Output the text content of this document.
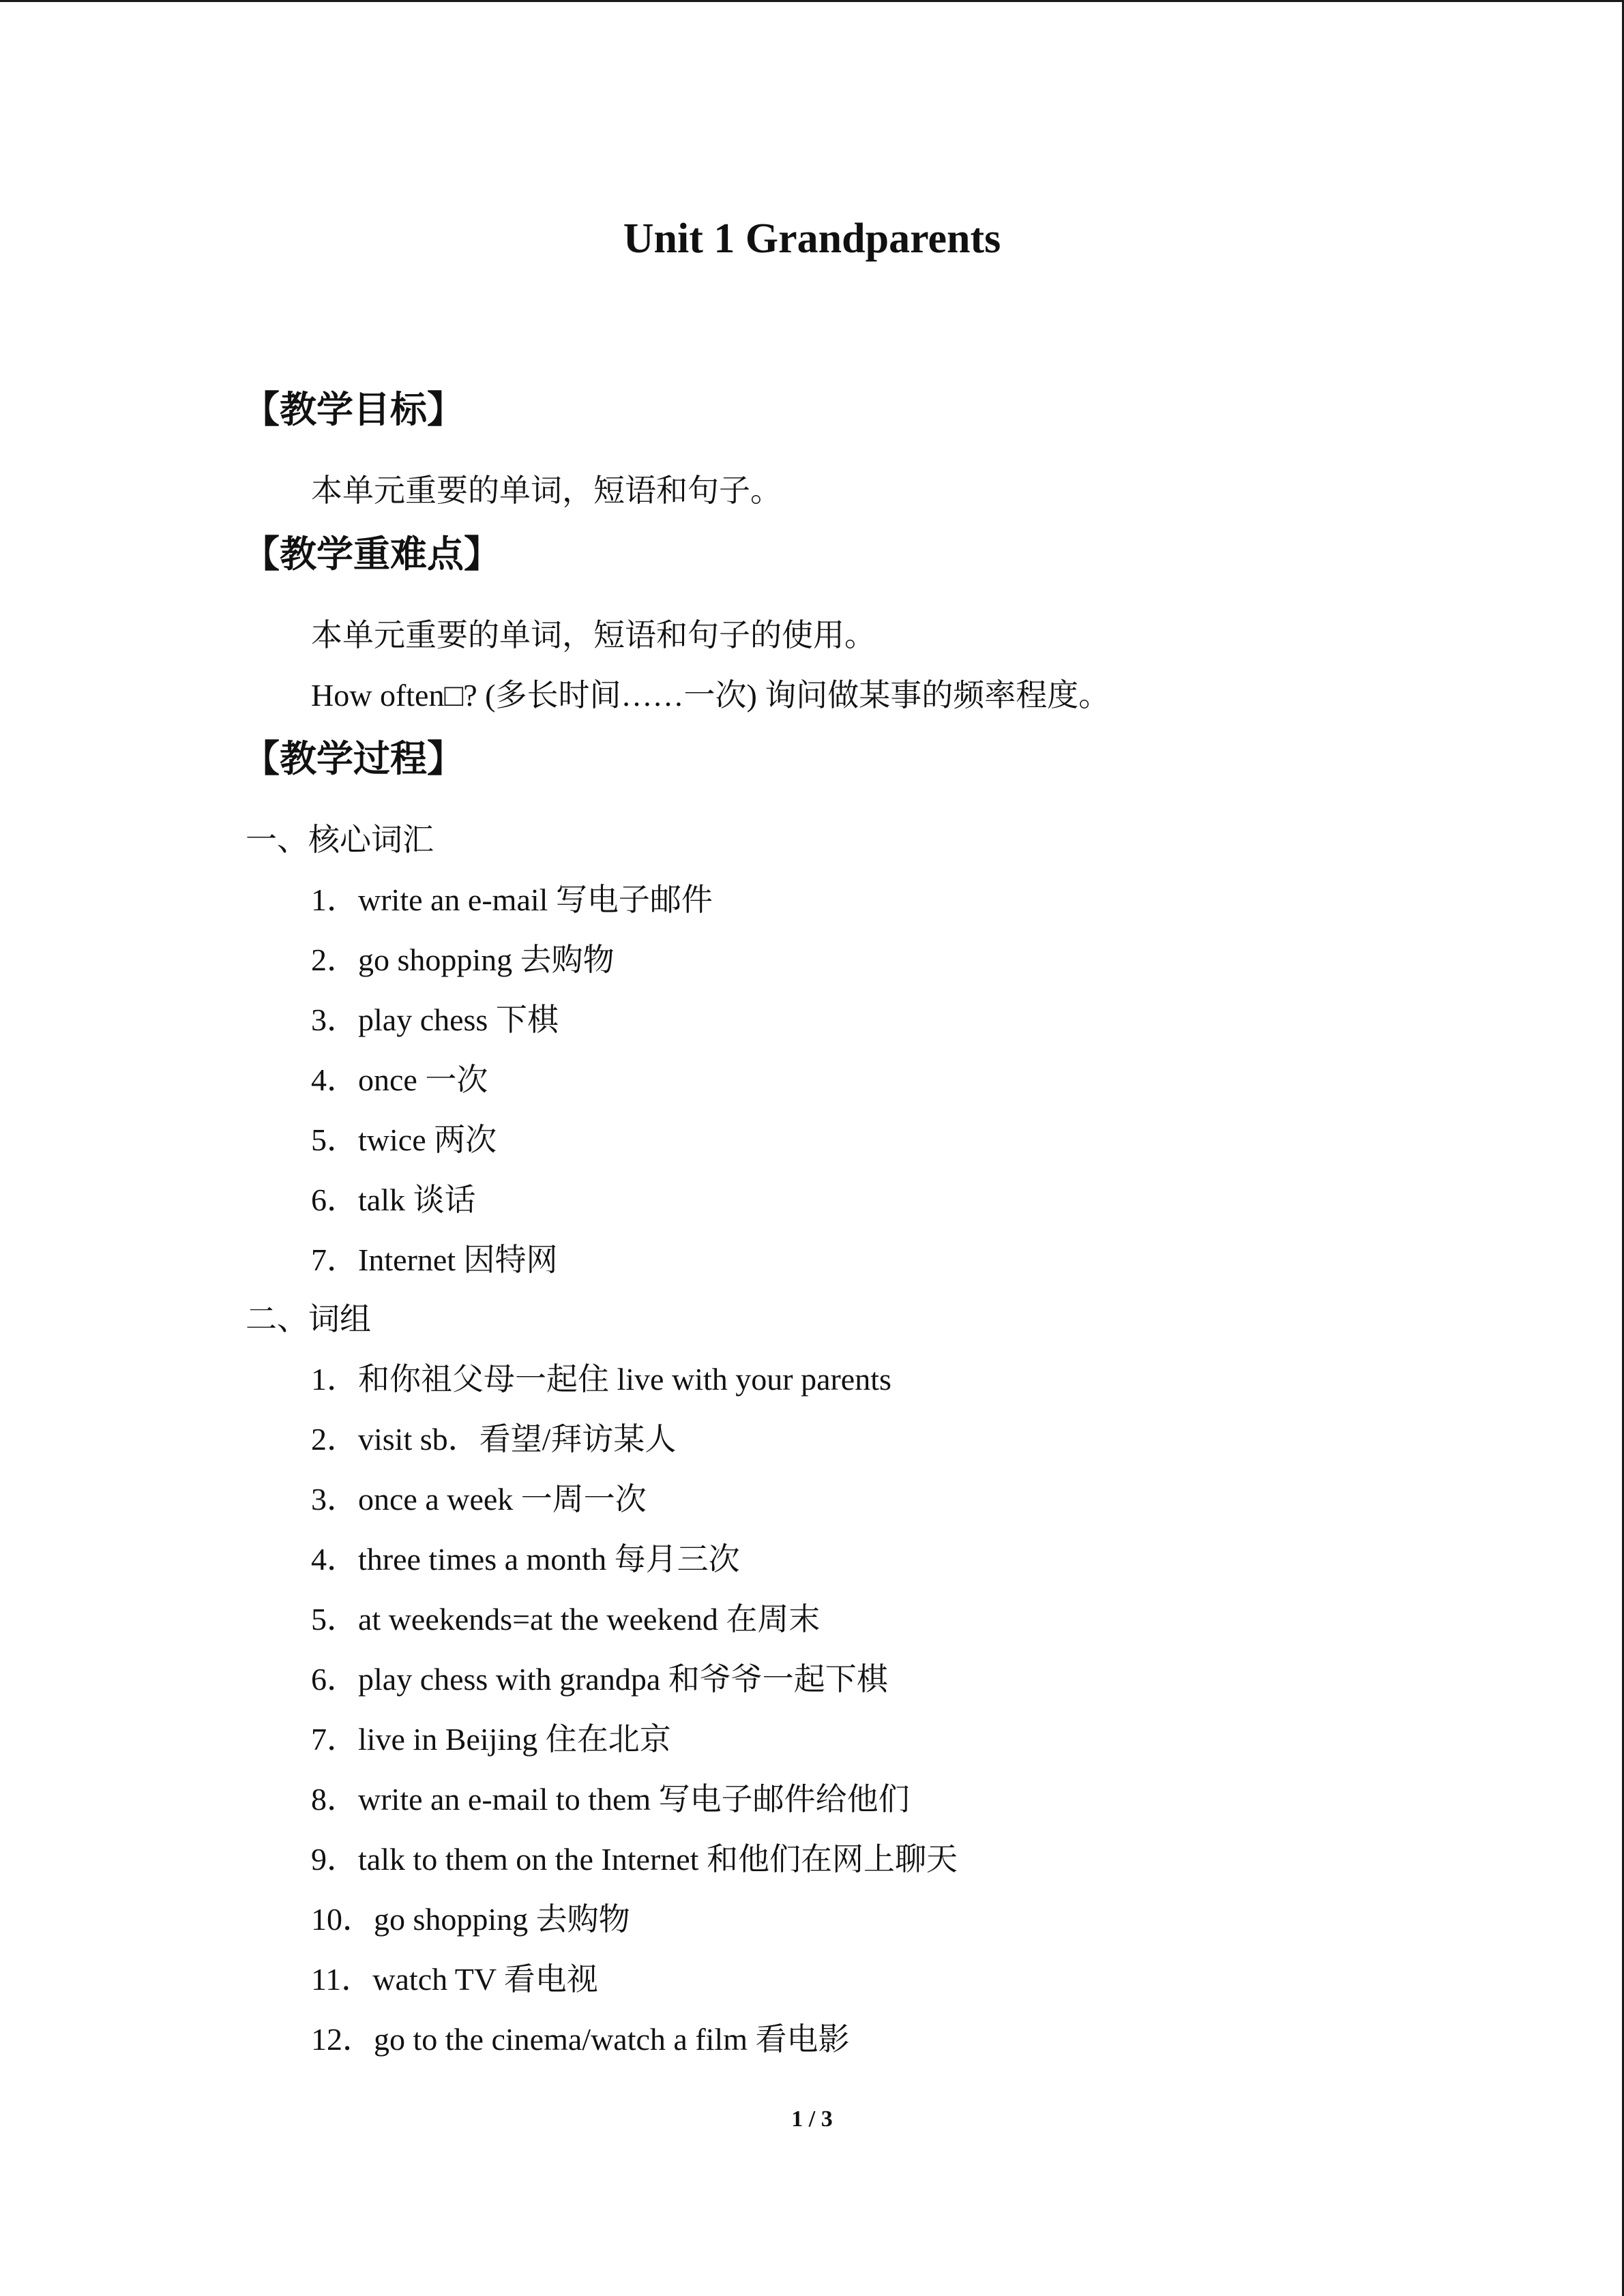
Unit 1 Grandparents
【教学目标】
本单元重要的单词，短语和句子。
【教学重难点】
本单元重要的单词，短语和句子的使用。
How often□? (多长时间……一次) 询问做某事的频率程度。
【教学过程】
一、核心词汇
1．write an e-mail 写电子邮件
2．go shopping 去购物
3．play chess 下棋
4．once 一次
5．twice 两次
6．talk 谈话
7．Internet 因特网
二、词组
1．和你祖父母一起住 live with your parents
2．visit sb．看望/拜访某人
3．once a week 一周一次
4．three times a month 每月三次
5．at weekends=at the weekend 在周末
6．play chess with grandpa 和爷爷一起下棋
7．live in Beijing 住在北京
8．write an e-mail to them 写电子邮件给他们
9．talk to them on the Internet 和他们在网上聊天
10．go shopping 去购物
11．watch TV 看电视
12．go to the cinema/watch a film 看电影
1 / 3
